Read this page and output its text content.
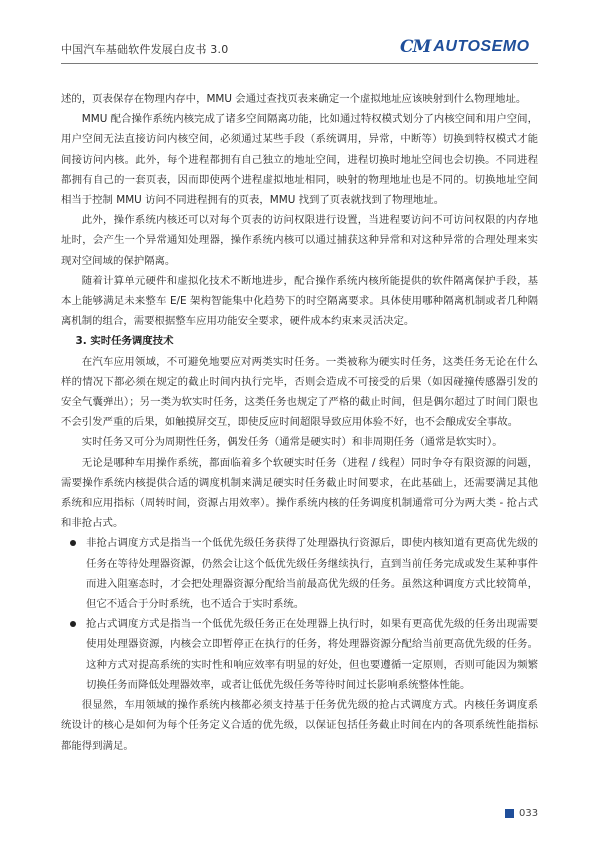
中国汽车基础软件发展白皮书 3.0	CM AUTOSEMO

述的，页表保存在物理内存中，MMU 会通过查找页表来确定一个虚拟地址应该映射到什么物理地址。

MMU 配合操作系统内核完成了诸多空间隔离功能，比如通过特权模式划分了内核空间和用户空间，用户空间无法直接访问内核空间，必须通过某些手段（系统调用，异常，中断等）切换到特权模式才能间接访问内核。此外，每个进程都拥有自己独立的地址空间，进程切换时地址空间也会切换。不同进程都拥有自己的一套页表，因而即使两个进程虚拟地址相同，映射的物理地址也是不同的。切换地址空间相当于控制 MMU 访问不同进程拥有的页表，MMU 找到了页表就找到了物理地址。

此外，操作系统内核还可以对每个页表的访问权限进行设置，当进程要访问不可访问权限的内存地址时，会产生一个异常通知处理器，操作系统内核可以通过捕获这种异常和对这种异常的合理处理来实现对空间域的保护隔离。

随着计算单元硬件和虚拟化技术不断地进步，配合操作系统内核所能提供的软件隔离保护手段，基本上能够满足未来整车 E/E 架构智能集中化趋势下的时空隔离要求。具体使用哪种隔离机制或者几种隔离机制的组合，需要根据整车应用功能安全要求，硬件成本约束来灵活决定。

3. 实时任务调度技术

在汽车应用领域，不可避免地要应对两类实时任务。一类被称为硬实时任务，这类任务无论在什么样的情况下都必须在规定的截止时间内执行完毕，否则会造成不可接受的后果（如因碰撞传感器引发的安全气囊弹出）；另一类为软实时任务，这类任务也规定了严格的截止时间，但是偶尔超过了时间门限也不会引发严重的后果，如触摸屏交互，即使反应时间超限导致应用体验不好，也不会酿成安全事故。

实时任务又可分为周期性任务，偶发任务（通常是硬实时）和非周期任务（通常是软实时）。

无论是哪种车用操作系统，都面临着多个软硬实时任务（进程 / 线程）同时争夺有限资源的问题，需要操作系统内核提供合适的调度机制来满足硬实时任务截止时间要求，在此基础上，还需要满足其他系统和应用指标（周转时间，资源占用效率）。操作系统内核的任务调度机制通常可分为两大类 - 抢占式和非抢占式。

非抢占调度方式是指当一个低优先级任务获得了处理器执行资源后，即使内核知道有更高优先级的任务在等待处理器资源，仍然会让这个低优先级任务继续执行，直到当前任务完成或发生某种事件而进入阻塞态时，才会把处理器资源分配给当前最高优先级的任务。虽然这种调度方式比较简单，但它不适合于分时系统，也不适合于实时系统。
抢占式调度方式是指当一个低优先级任务正在处理器上执行时，如果有更高优先级的任务出现需要使用处理器资源，内核会立即暂停正在执行的任务，将处理器资源分配给当前更高优先级的任务。这种方式对提高系统的实时性和响应效率有明显的好处，但也要遵循一定原则，否则可能因为频繁切换任务而降低处理器效率，或者让低优先级任务等待时间过长影响系统整体性能。

很显然，车用领域的操作系统内核都必须支持基于任务优先级的抢占式调度方式。内核任务调度系统设计的核心是如何为每个任务定义合适的优先级，以保证包括任务截止时间在内的各项系统性能指标都能得到满足。

033
